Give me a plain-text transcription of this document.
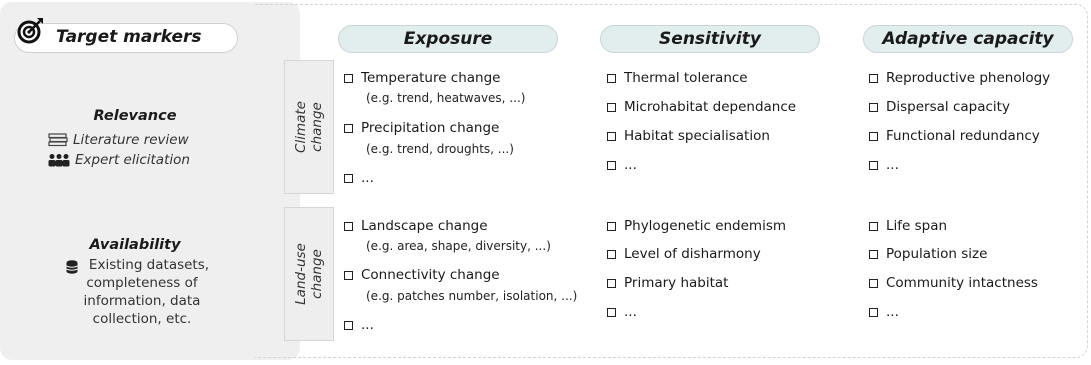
Target markers
Relevance
Literature review
Expert elicitation
Availability
Existing datasets,
completeness of
information, data
collection, etc.
Exposure	Sensitivity	Adaptive capacity
Climate change
Land-use change
Temperature change
(e.g. trend, heatwaves, ...)
Precipitation change
(e.g. trend, droughts, ...)
...
Thermal tolerance
Microhabitat dependance
Habitat specialisation
...
Reproductive phenology
Dispersal capacity
Functional redundancy
...
Landscape change
(e.g. area, shape, diversity, ...)
Connectivity change
(e.g. patches number, isolation, ...)
...
Phylogenetic endemism
Level of disharmony
Primary habitat
...
Life span
Population size
Community intactness
...
